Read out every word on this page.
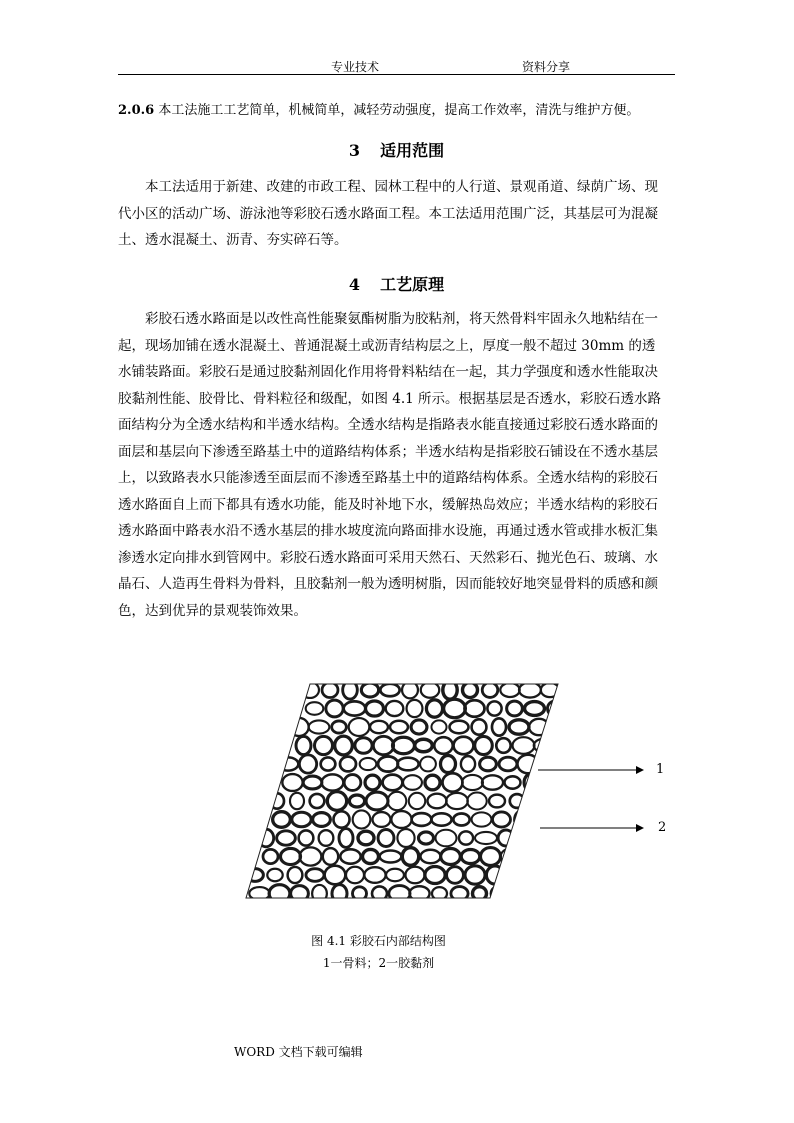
专业技术	资料分享

2.0.6 本工法施工工艺简单，机械简单，减轻劳动强度，提高工作效率，清洗与维护方便。

3 适用范围
本工法适用于新建、改建的市政工程、园林工程中的人行道、景观甬道、绿荫广场、现
代小区的活动广场、游泳池等彩胶石透水路面工程。本工法适用范围广泛，其基层可为混凝
土、透水混凝土、沥青、夯实碎石等。
4 工艺原理
彩胶石透水路面是以改性高性能聚氨酯树脂为胶粘剂，将天然骨料牢固永久地粘结在一
起，现场加铺在透水混凝土、普通混凝土或沥青结构层之上，厚度一般不超过 30mm 的透
水铺装路面。彩胶石是通过胶黏剂固化作用将骨料粘结在一起，其力学强度和透水性能取决
胶黏剂性能、胶骨比、骨料粒径和级配，如图 4.1 所示。根据基层是否透水，彩胶石透水路
面结构分为全透水结构和半透水结构。全透水结构是指路表水能直接通过彩胶石透水路面的
面层和基层向下渗透至路基土中的道路结构体系；半透水结构是指彩胶石铺设在不透水基层
上，以致路表水只能渗透至面层而不渗透至路基土中的道路结构体系。全透水结构的彩胶石
透水路面自上而下都具有透水功能，能及时补地下水，缓解热岛效应；半透水结构的彩胶石
透水路面中路表水沿不透水基层的排水坡度流向路面排水设施，再通过透水管或排水板汇集
渗透水定向排水到管网中。彩胶石透水路面可采用天然石、天然彩石、抛光色石、玻璃、水
晶石、人造再生骨料为骨料，且胶黏剂一般为透明树脂，因而能较好地突显骨料的质感和颜
色，达到优异的景观装饰效果。
1
2
图 4.1 彩胶石内部结构图
1一骨料；2一胶黏剂
WORD 文档下载可编辑
